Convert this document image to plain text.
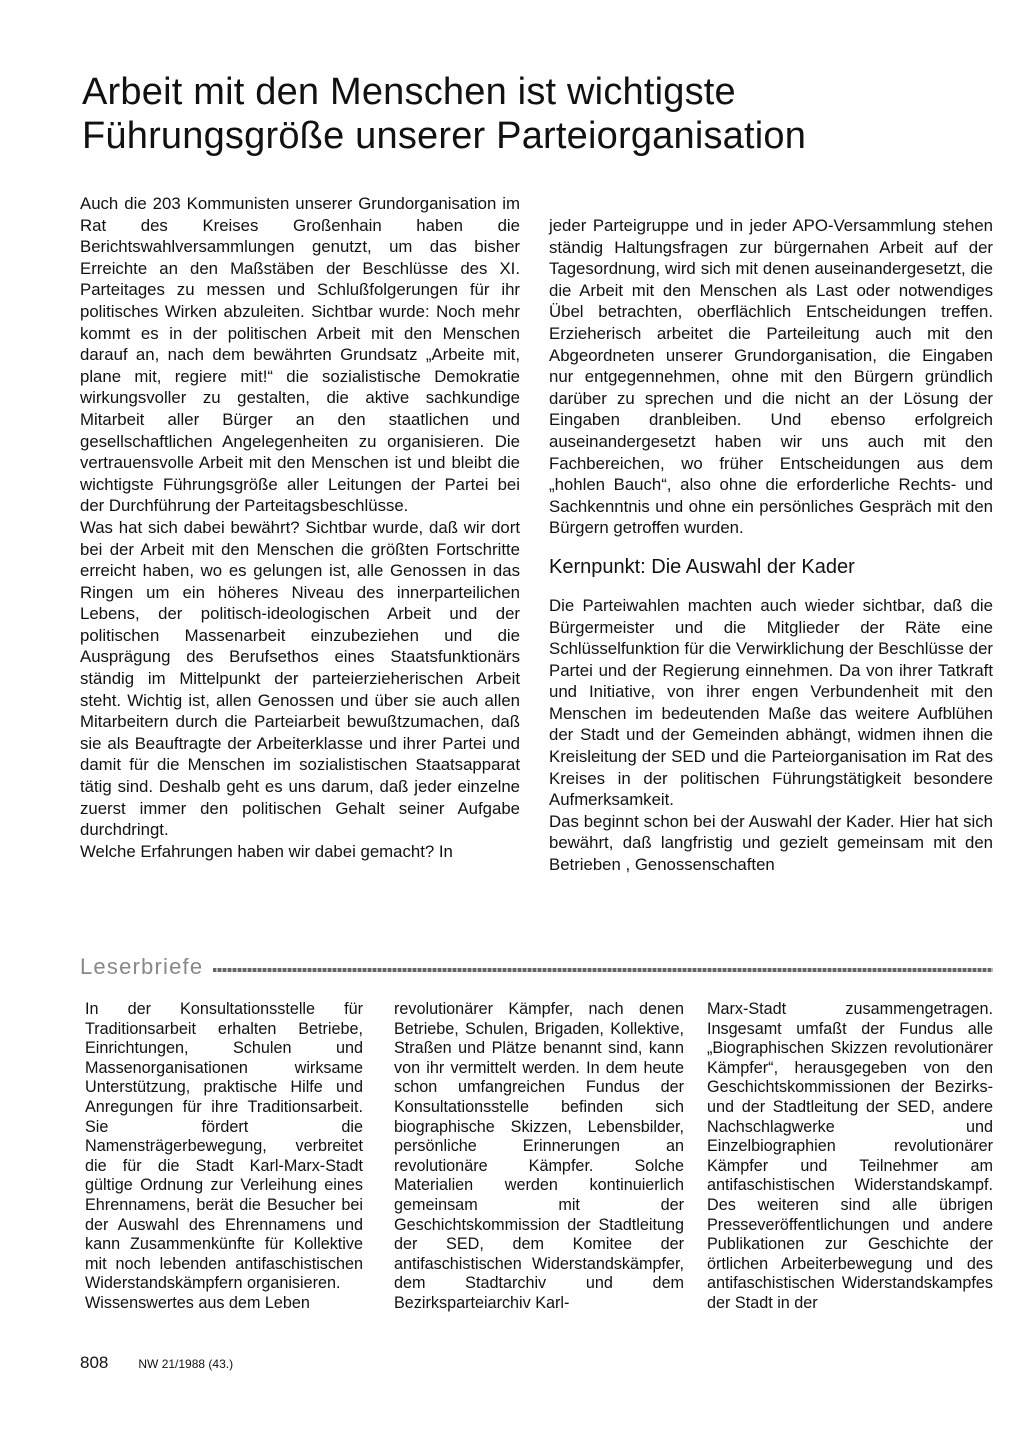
Arbeit mit den Menschen ist wichtigste
Führungsgröße unserer Parteiorganisation

Auch die 203 Kommunisten unserer Grundorganisation im Rat des Kreises Großenhain haben die Berichtswahlversammlungen genutzt, um das bisher Erreichte an den Maßstäben der Beschlüsse des XI. Parteitages zu messen und Schlußfolgerungen für ihr politisches Wirken abzuleiten. Sichtbar wurde: Noch mehr kommt es in der politischen Arbeit mit den Menschen darauf an, nach dem bewährten Grundsatz „Arbeite mit, plane mit, regiere mit!“ die sozialistische Demokratie wirkungsvoller zu gestalten, die aktive sachkundige Mitarbeit aller Bürger an den staatlichen und gesellschaftlichen Angelegenheiten zu organisieren. Die vertrauensvolle Arbeit mit den Menschen ist und bleibt die wichtigste Führungsgröße aller Leitungen der Partei bei der Durchführung der Parteitagsbeschlüsse.

Was hat sich dabei bewährt? Sichtbar wurde, daß wir dort bei der Arbeit mit den Menschen die größten Fortschritte erreicht haben, wo es gelungen ist, alle Genossen in das Ringen um ein höheres Niveau des innerparteilichen Lebens, der politisch-ideologischen Arbeit und der politischen Massenarbeit einzubeziehen und die Ausprägung des Berufsethos eines Staatsfunktionärs ständig im Mittelpunkt der parteierzieherischen Arbeit steht. Wichtig ist, allen Genossen und über sie auch allen Mitarbeitern durch die Parteiarbeit bewußtzumachen, daß sie als Beauftragte der Arbeiterklasse und ihrer Partei und damit für die Menschen im sozialistischen Staatsapparat tätig sind. Deshalb geht es uns darum, daß jeder einzelne zuerst immer den politischen Gehalt seiner Aufgabe durchdringt.

Welche Erfahrungen haben wir dabei gemacht? In

jeder Parteigruppe und in jeder APO-Versammlung stehen ständig Haltungsfragen zur bürgernahen Arbeit auf der Tagesordnung, wird sich mit denen auseinandergesetzt, die die Arbeit mit den Menschen als Last oder notwendiges Übel betrachten, oberflächlich Entscheidungen treffen. Erzieherisch arbeitet die Parteileitung auch mit den Abgeordneten unserer Grundorganisation, die Eingaben nur entgegennehmen, ohne mit den Bürgern gründlich darüber zu sprechen und die nicht an der Lösung der Eingaben dranbleiben. Und ebenso erfolgreich auseinandergesetzt haben wir uns auch mit den Fachbereichen, wo früher Entscheidungen aus dem „hohlen Bauch“, also ohne die erforderliche Rechts- und Sachkenntnis und ohne ein persönliches Gespräch mit den Bürgern getroffen wurden.

Kernpunkt: Die Auswahl der Kader

Die Parteiwahlen machten auch wieder sichtbar, daß die Bürgermeister und die Mitglieder der Räte eine Schlüsselfunktion für die Verwirklichung der Beschlüsse der Partei und der Regierung einnehmen. Da von ihrer Tatkraft und Initiative, von ihrer engen Verbundenheit mit den Menschen im bedeutenden Maße das weitere Aufblühen der Stadt und der Gemeinden abhängt, widmen ihnen die Kreisleitung der SED und die Parteiorganisation im Rat des Kreises in der politischen Führungstätigkeit besondere Aufmerksamkeit.

Das beginnt schon bei der Auswahl der Kader. Hier hat sich bewährt, daß langfristig und gezielt gemeinsam mit den Betrieben , Genossenschaften

Leserbriefe

In der Konsultationsstelle für Traditionsarbeit erhalten Betriebe, Einrichtungen, Schulen und Massenorganisationen wirksame Unterstützung, praktische Hilfe und Anregungen für ihre Traditionsarbeit. Sie fördert die Namensträgerbewegung, verbreitet die für die Stadt Karl-Marx-Stadt gültige Ordnung zur Verleihung eines Ehrennamens, berät die Besucher bei der Auswahl des Ehrennamens und kann Zusammenkünfte für Kollektive mit noch lebenden antifaschistischen Widerstandskämpfern organisieren.

Wissenswertes aus dem Leben

revolutionärer Kämpfer, nach denen Betriebe, Schulen, Brigaden, Kollektive, Straßen und Plätze benannt sind, kann von ihr vermittelt werden. In dem heute schon umfangreichen Fundus der Konsultationsstelle befinden sich biographische Skizzen, Lebensbilder, persönliche Erinnerungen an revolutionäre Kämpfer. Solche Materialien werden kontinuierlich gemeinsam mit der Geschichtskommission der Stadtleitung der SED, dem Komitee der antifaschistischen Widerstandskämpfer, dem Stadtarchiv und dem Bezirksparteiarchiv Karl-

Marx-Stadt zusammengetragen. Insgesamt umfaßt der Fundus alle „Biographischen Skizzen revolutionärer Kämpfer“, herausgegeben von den Geschichtskommissionen der Bezirks- und der Stadtleitung der SED, andere Nachschlagwerke und Einzelbiographien revolutionärer Kämpfer und Teilnehmer am antifaschistischen Widerstandskampf. Des weiteren sind alle übrigen Presseveröffentlichungen und andere Publikationen zur Geschichte der örtlichen Arbeiterbewegung und des antifaschistischen Widerstandskampfes der Stadt in der

808	NW 21/1988 (43.)
